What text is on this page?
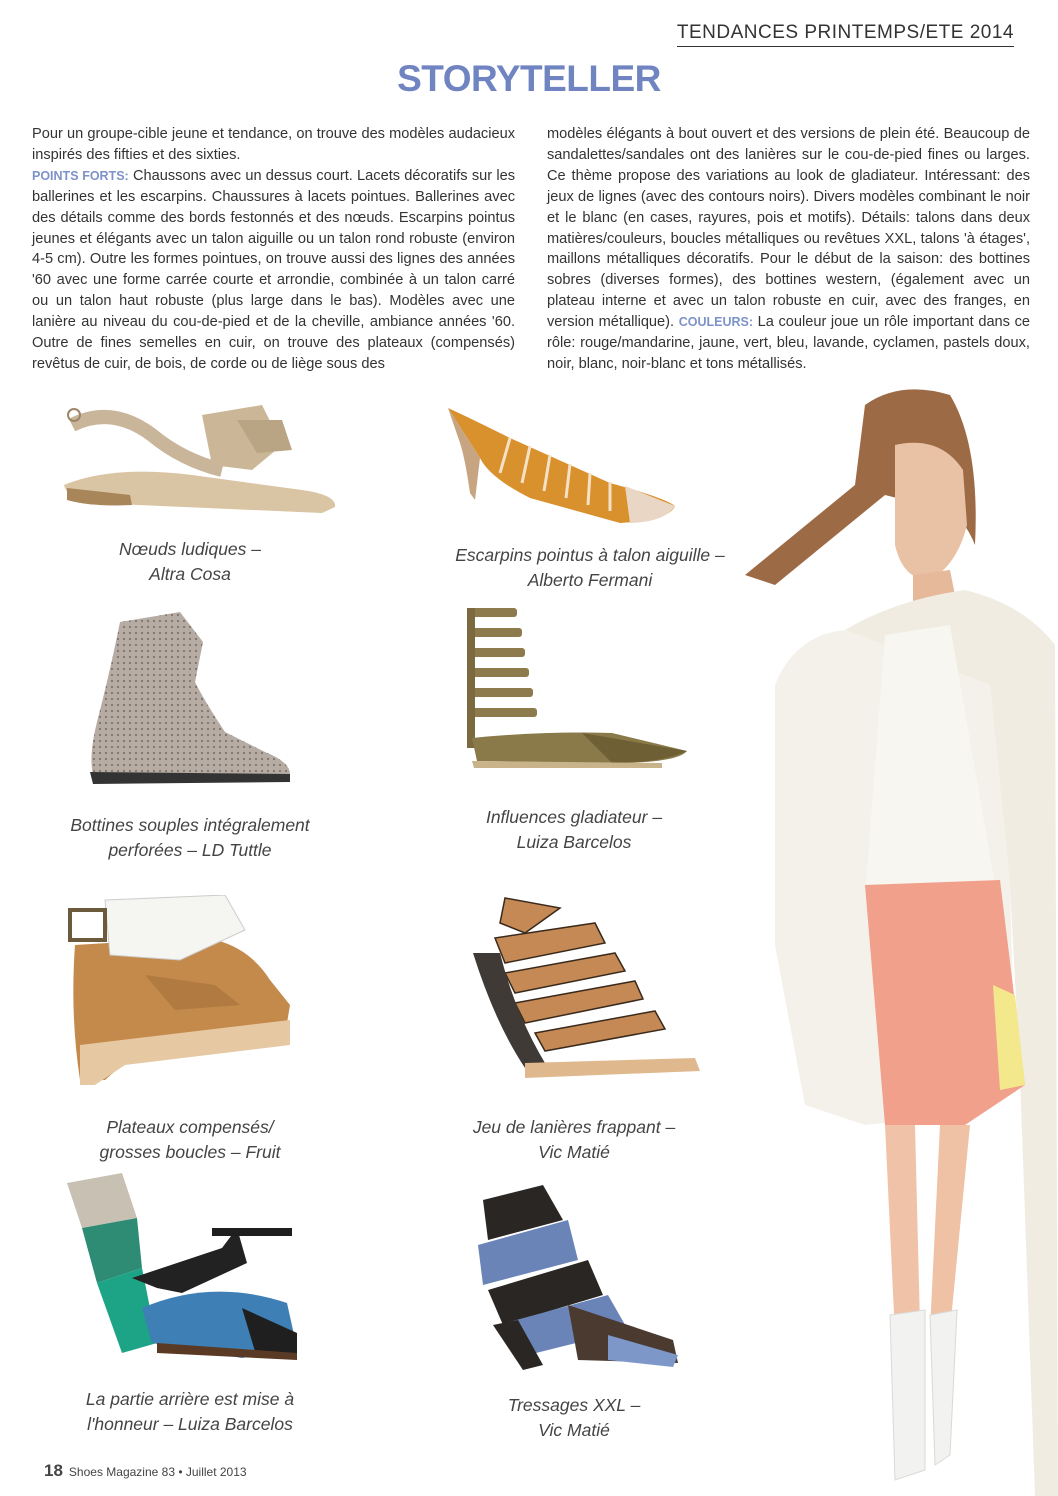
TENDANCES PRINTEMPS/ETE 2014
STORYTELLER
Pour un groupe-cible jeune et tendance, on trouve des modèles audacieux inspirés des fifties et des sixties.
POINTS FORTS: Chaussons avec un dessus court. Lacets décoratifs sur les ballerines et les escarpins. Chaussures à lacets pointues. Ballerines avec des détails comme des bords festonnés et des nœuds. Escarpins pointus jeunes et élégants avec un talon aiguille ou un talon rond robuste (environ 4-5 cm). Outre les formes pointues, on trouve aussi des lignes des années '60 avec une forme carrée courte et arrondie, combinée à un talon carré ou un talon haut robuste (plus large dans le bas). Modèles avec une lanière au niveau du cou-de-pied et de la cheville, ambiance années '60. Outre de fines semelles en cuir, on trouve des plateaux (compensés) revêtus de cuir, de bois, de corde ou de liège sous des
modèles élégants à bout ouvert et des versions de plein été. Beaucoup de sandalettes/sandales ont des lanières sur le cou-de-pied fines ou larges. Ce thème propose des variations au look de gladiateur. Intéressant: des jeux de lignes (avec des contours noirs). Divers modèles combinant le noir et le blanc (en cases, rayures, pois et motifs). Détails: talons dans deux matières/couleurs, boucles métalliques ou revêtues XXL, talons 'à étages', maillons métalliques décoratifs. Pour le début de la saison: des bottines sobres (diverses formes), des bottines western, (également avec un plateau interne et avec un talon robuste en cuir, avec des franges, en version métallique). COULEURS: La couleur joue un rôle important dans ce rôle: rouge/mandarine, jaune, vert, bleu, lavande, cyclamen, pastels doux, noir, blanc, noir-blanc et tons métallisés.
Nœuds ludiques –
Altra Cosa
Escarpins pointus à talon aiguille –
Alberto Fermani
Bottines souples intégralement
perforées – LD Tuttle
Influences gladiateur –
Luiza Barcelos
Plateaux compensés/
grosses boucles – Fruit
Jeu de lanières frappant –
Vic Matié
La partie arrière est mise à
l'honneur – Luiza Barcelos
Tressages XXL –
Vic Matié
18 Shoes Magazine 83 • Juillet 2013
